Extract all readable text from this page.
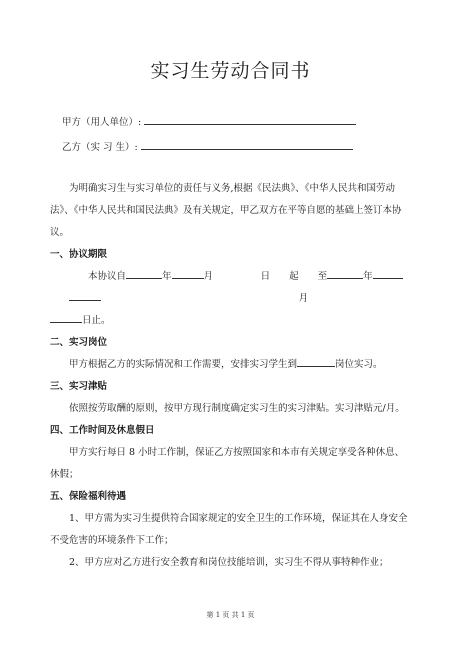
实习生劳动合同书
甲方（用人单位）:
乙方（实 习 生）:

为明确实习生与实习单位的责任与义务,根据《民法典》、《中华人民共和国劳动法》、《中华人民共和国民法典》及有关规定，甲乙双方在平等自愿的基础上签订本协议。

一、协议期限

本协议自	年	月	日	起	至	年月

日止。

二、实习岗位

甲方根据乙方的实际情况和工作需要，安排实习学生到	岗位实习。

三、实习津贴

依照按劳取酬的原则，按甲方现行制度确定实习生的实习津贴。实习津贴元/月。

四、工作时间及休息假日

甲方实行每日 8 小时工作制，保证乙方按照国家和本市有关规定享受各种休息、休假；

五、保险福利待遇

1、甲方需为实习生提供符合国家规定的安全卫生的工作环境，保证其在人身安全不受危害的环境条件下工作；

2、甲方应对乙方进行安全教育和岗位技能培训，实习生不得从事特种作业；

第 1 页 共 1 页
